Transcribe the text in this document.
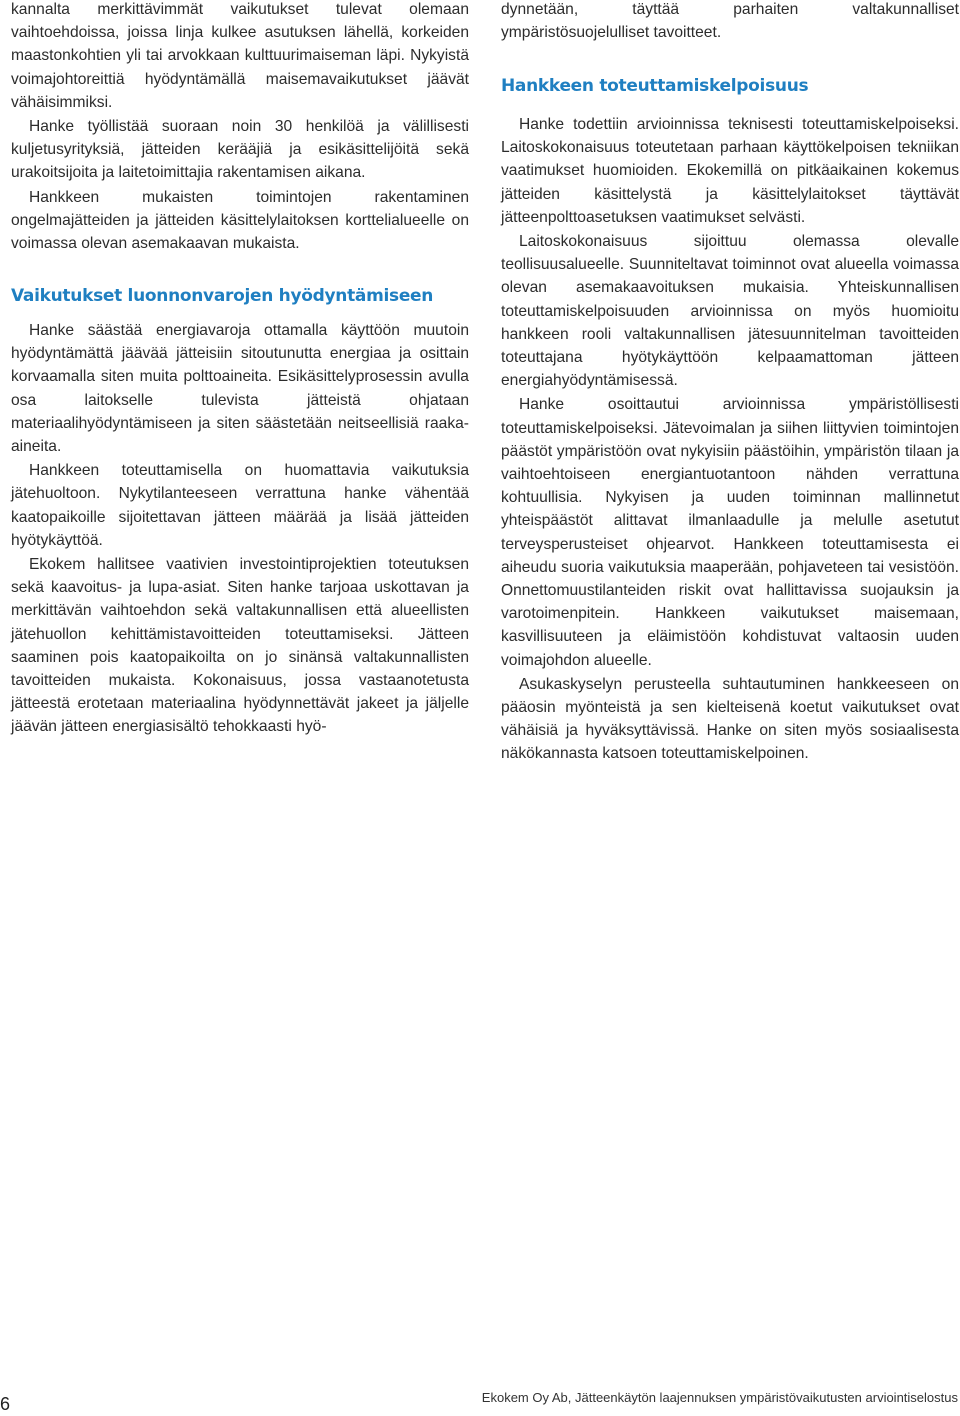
kannalta merkittävimmät vaikutukset tulevat olemaan vaihtoehdoissa, joissa linja kulkee asutuksen lähellä, korkeiden maastonkohtien yli tai arvokkaan kulttuurimaiseman läpi. Nykyistä voimajohtoreittiä hyödyntämällä maisemavaikutukset jäävät vähäisimmiksi.

Hanke työllistää suoraan noin 30 henkilöä ja välillisesti kuljetusyrityksiä, jätteiden kerääjiä ja esikäsittelijöitä sekä urakoitsijoita ja laitetoimittajia rakentamisen aikana.

Hankkeen mukaisten toimintojen rakentaminen ongelmajätteiden ja jätteiden käsittelylaitoksen korttelialueelle on voimassa olevan asemakaavan mukaista.

Vaikutukset luonnonvarojen hyödyntämiseen

Hanke säästää energiavaroja ottamalla käyttöön muutoin hyödyntämättä jäävää jätteisiin sitoutunutta energiaa ja osittain korvaamalla siten muita polttoaineita. Esikäsittelyprosessin avulla osa laitokselle tulevista jätteistä ohjataan materiaalihyödyntämiseen ja siten säästetään neitseellisiä raaka-aineita.

Hankkeen toteuttamisella on huomattavia vaikutuksia jätehuoltoon. Nykytilanteeseen verrattuna hanke vähentää kaatopaikoille sijoitettavan jätteen määrää ja lisää jätteiden hyötykäyttöä.

Ekokem hallitsee vaativien investointiprojektien toteutuksen sekä kaavoitus- ja lupa-asiat. Siten hanke tarjoaa uskottavan ja merkittävän vaihtoehdon sekä valtakunnallisen että alueellisten jätehuollon kehittämistavoitteiden toteuttamiseksi. Jätteen saaminen pois kaatopaikoilta on jo sinänsä valtakunnallisten tavoitteiden mukaista. Kokonaisuus, jossa vastaanotetusta jätteestä erotetaan materiaalina hyödynnettävät jakeet ja jäljelle jäävän jätteen energiasisältö tehokkaasti hyö-

dynnetään, täyttää parhaiten valtakunnalliset ympäristösuojelulliset tavoitteet.

Hankkeen toteuttamiskelpoisuus

Hanke todettiin arvioinnissa teknisesti toteuttamiskelpoiseksi. Laitoskokonaisuus toteutetaan parhaan käyttökelpoisen tekniikan vaatimukset huomioiden. Ekokemillä on pitkäaikainen kokemus jätteiden käsittelystä ja käsittelylaitokset täyttävät jätteenpolttoasetuksen vaatimukset selvästi.

Laitoskokonaisuus sijoittuu olemassa olevalle teollisuusalueelle. Suunniteltavat toiminnot ovat alueella voimassa olevan asemakaavoituksen mukaisia. Yhteiskunnallisen toteuttamiskelpoisuuden arvioinnissa on myös huomioitu hankkeen rooli valtakunnallisen jätesuunnitelman tavoitteiden toteuttajana hyötykäyttöön kelpaamattoman jätteen energiahyödyntämisessä.

Hanke osoittautui arvioinnissa ympäristöllisesti toteuttamiskelpoiseksi. Jätevoimalan ja siihen liittyvien toimintojen päästöt ympäristöön ovat nykyisiin päästöihin, ympäristön tilaan ja vaihtoehtoiseen energiantuotantoon nähden verrattuna kohtuullisia. Nykyisen ja uuden toiminnan mallinnetut yhteispäästöt alittavat ilmanlaadulle ja melulle asetutut terveysperusteiset ohjearvot. Hankkeen toteuttamisesta ei aiheudu suoria vaikutuksia maaperään, pohjaveteen tai vesistöön. Onnettomuustilanteiden riskit ovat hallittavissa suojauksin ja varotoimenpitein. Hankkeen vaikutukset maisemaan, kasvillisuuteen ja eläimistöön kohdistuvat valtaosin uuden voimajohdon alueelle.

Asukaskyselyn perusteella suhtautuminen hankkeeseen on pääosin myönteistä ja sen kielteisenä koetut vaikutukset ovat vähäisiä ja hyväksyttävissä. Hanke on siten myös sosiaalisesta näkökannasta katsoen toteuttamiskelpoinen.

6	Ekokem Oy Ab, Jätteenkäytön laajennuksen ympäristövaikutusten arviointiselostus
